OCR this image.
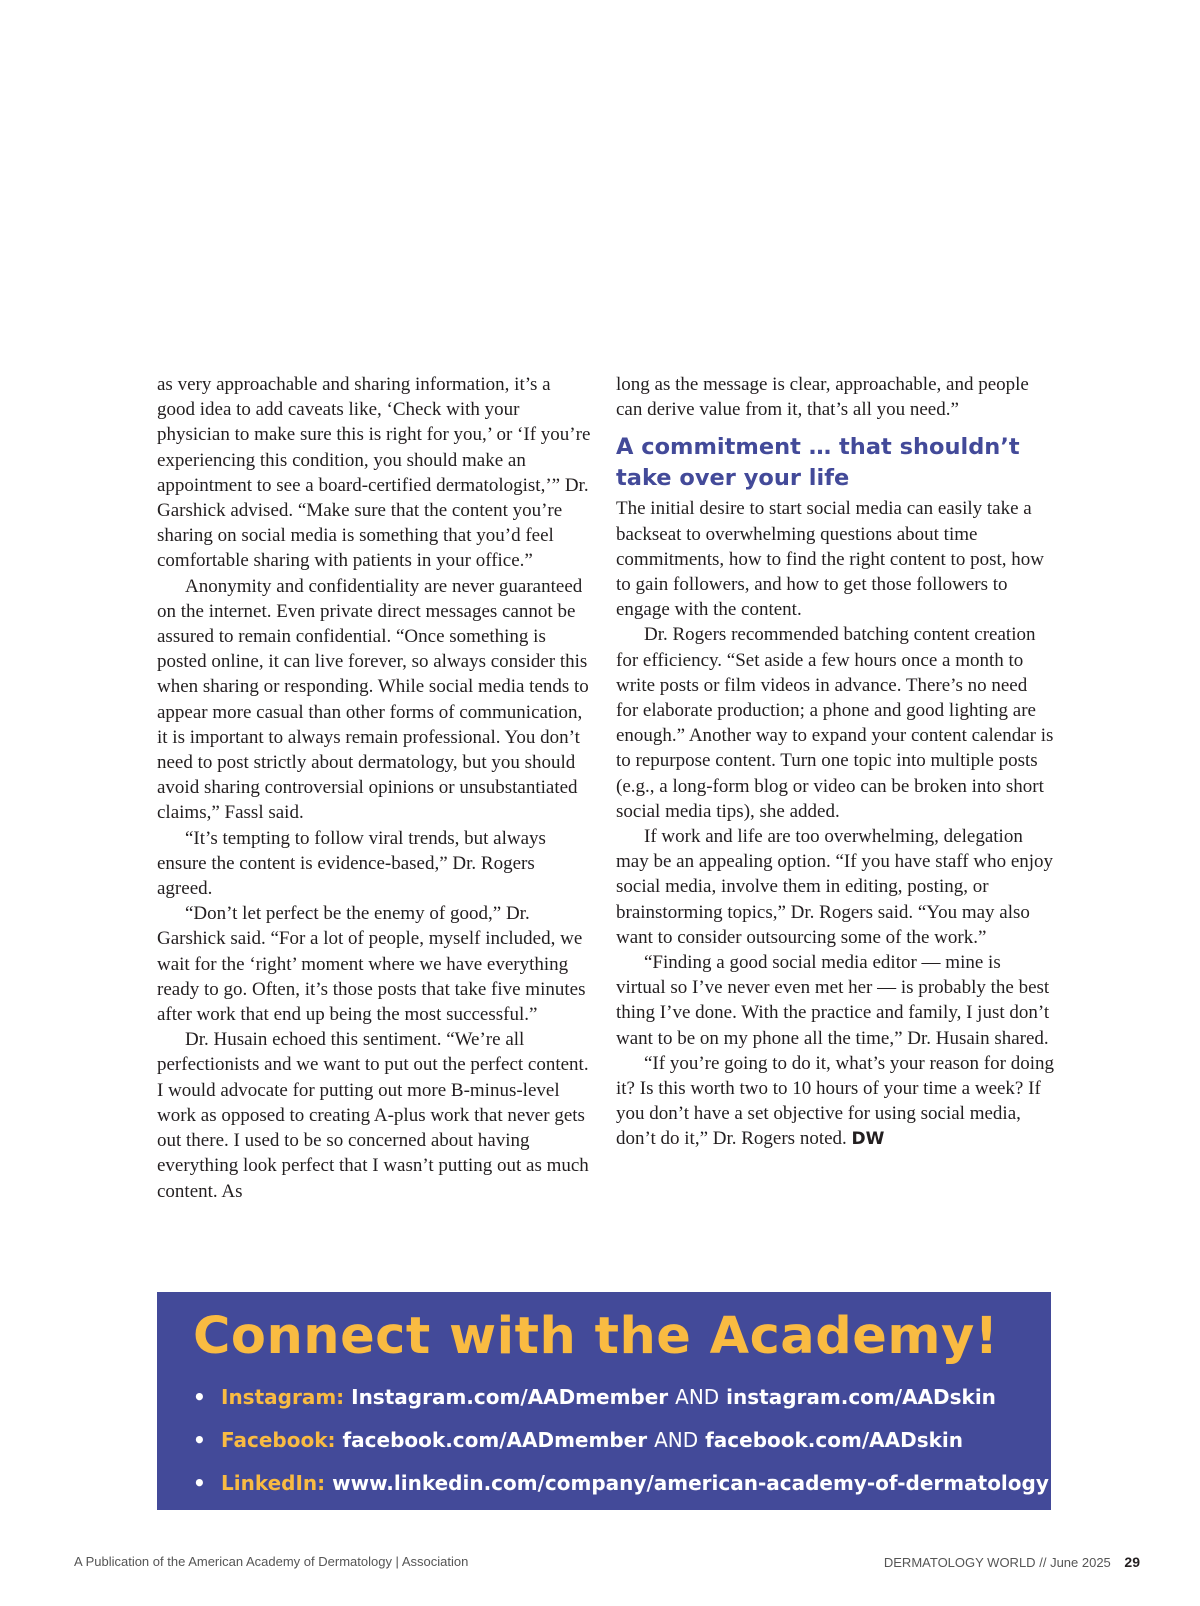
as very approachable and sharing information, it’s a good idea to add caveats like, ‘Check with your physician to make sure this is right for you,’ or ‘If you’re experiencing this condition, you should make an appointment to see a board-certified dermatologist,’” Dr. Garshick advised. “Make sure that the content you’re sharing on social media is something that you’d feel comfortable sharing with patients in your office.”

Anonymity and confidentiality are never guaranteed on the internet. Even private direct messages cannot be assured to remain confidential. “Once something is posted online, it can live forever, so always consider this when sharing or responding. While social media tends to appear more casual than other forms of communication, it is important to always remain professional. You don’t need to post strictly about dermatology, but you should avoid sharing controversial opinions or unsubstantiated claims,” Fassl said.

“It’s tempting to follow viral trends, but always ensure the content is evidence-based,” Dr. Rogers agreed.

“Don’t let perfect be the enemy of good,” Dr. Garshick said. “For a lot of people, myself included, we wait for the ‘right’ moment where we have everything ready to go. Often, it’s those posts that take five minutes after work that end up being the most successful.”

Dr. Husain echoed this sentiment. “We’re all perfectionists and we want to put out the perfect content. I would advocate for putting out more B-minus-level work as opposed to creating A-plus work that never gets out there. I used to be so concerned about having everything look perfect that I wasn’t putting out as much content. As

long as the message is clear, approachable, and people can derive value from it, that’s all you need.”

A commitment … that shouldn’t take over your life

The initial desire to start social media can easily take a backseat to overwhelming questions about time commitments, how to find the right content to post, how to gain followers, and how to get those followers to engage with the content.

Dr. Rogers recommended batching content creation for efficiency. “Set aside a few hours once a month to write posts or film videos in advance. There’s no need for elaborate production; a phone and good lighting are enough.” Another way to expand your content calendar is to repurpose content. Turn one topic into multiple posts (e.g., a long-form blog or video can be broken into short social media tips), she added.

If work and life are too overwhelming, delegation may be an appealing option. “If you have staff who enjoy social media, involve them in editing, posting, or brainstorming topics,” Dr. Rogers said. “You may also want to consider outsourcing some of the work.”

“Finding a good social media editor — mine is virtual so I’ve never even met her — is probably the best thing I’ve done. With the practice and family, I just don’t want to be on my phone all the time,” Dr. Husain shared.

“If you’re going to do it, what’s your reason for doing it? Is this worth two to 10 hours of your time a week? If you don’t have a set objective for using social media, don’t do it,” Dr. Rogers noted. DW

Connect with the Academy!
• Instagram: Instagram.com/AADmember AND instagram.com/AADskin
• Facebook: facebook.com/AADmember AND facebook.com/AADskin
• LinkedIn: www.linkedin.com/company/american-academy-of-dermatology
A Publication of the American Academy of Dermatology | Association	DERMATOLOGY WORLD // June 2025 29
